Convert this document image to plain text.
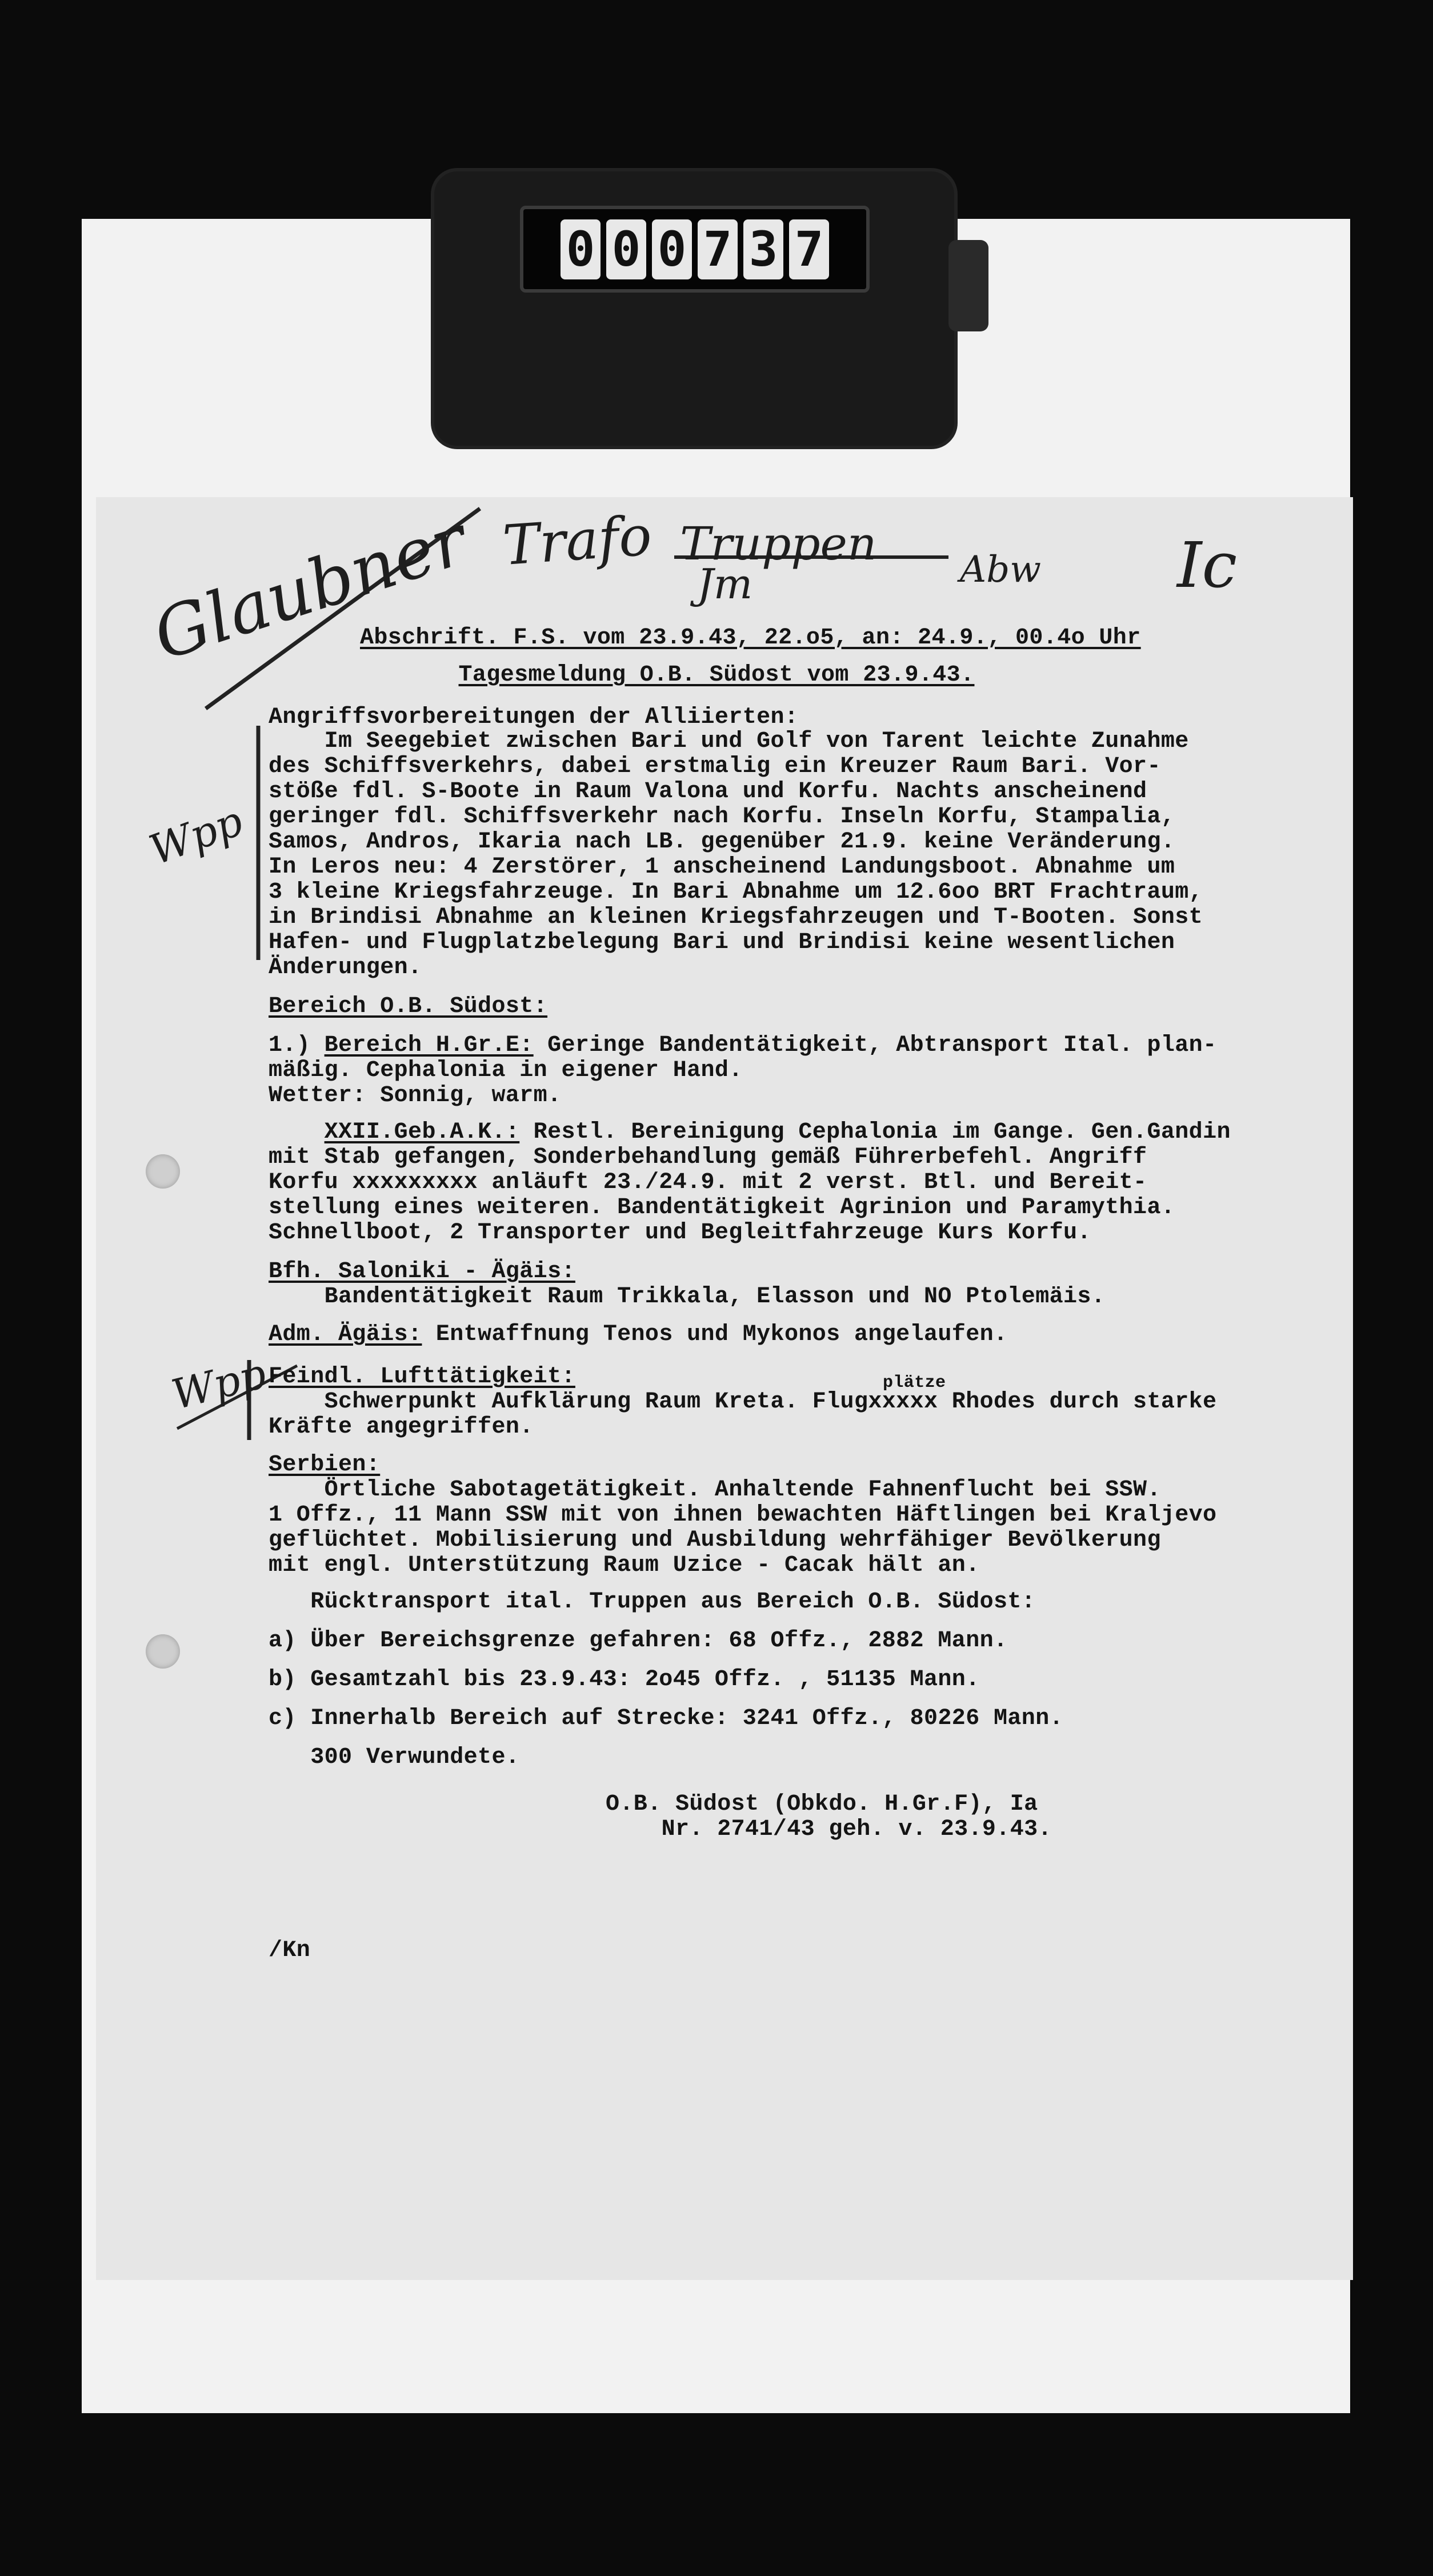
0 0 0 7 3 7
Glaubner Trafo Truppen
Jm	Abw Ic
Wpp
Wpp
Abschrift. F.S. vom 23.9.43, 22.o5, an: 24.9., 00.4o Uhr
Tagesmeldung O.B. Südost vom 23.9.43.
Angriffsvorbereitungen der Alliierten:
Im Seegebiet zwischen Bari und Golf von Tarent leichte Zunahme
des Schiffsverkehrs, dabei erstmalig ein Kreuzer Raum Bari. Vor-
stöße fdl. S-Boote in Raum Valona und Korfu. Nachts anscheinend
geringer fdl. Schiffsverkehr nach Korfu. Inseln Korfu, Stampalia,
Samos, Andros, Ikaria nach LB. gegenüber 21.9. keine Veränderung.
In Leros neu: 4 Zerstörer, 1 anscheinend Landungsboot. Abnahme um
3 kleine Kriegsfahrzeuge. In Bari Abnahme um 12.6oo BRT Frachtraum,
in Brindisi Abnahme an kleinen Kriegsfahrzeugen und T-Booten. Sonst
Hafen- und Flugplatzbelegung Bari und Brindisi keine wesentlichen
Änderungen.
Bereich O.B. Südost:
1.) Bereich H.Gr.E: Geringe Bandentätigkeit, Abtransport Ital. plan-
mäßig. Cephalonia in eigener Hand.
Wetter: Sonnig, warm.
XXII.Geb.A.K.: Restl. Bereinigung Cephalonia im Gange. Gen.Gandin
mit Stab gefangen, Sonderbehandlung gemäß Führerbefehl. Angriff
Korfu xxxxxxxxx anläuft 23./24.9. mit 2 verst. Btl. und Bereit-
stellung eines weiteren. Bandentätigkeit Agrinion und Paramythia.
Schnellboot, 2 Transporter und Begleitfahrzeuge Kurs Korfu.
Bfh. Saloniki - Ägäis:
Bandentätigkeit Raum Trikkala, Elasson und NO Ptolemäis.
Adm. Ägäis: Entwaffnung Tenos und Mykonos angelaufen.
Feindl. Lufttätigkeit:	plätze
Schwerpunkt Aufklärung Raum Kreta. Flugxxxxx Rhodes durch starke
Kräfte angegriffen.
Serbien:
Örtliche Sabotagetätigkeit. Anhaltende Fahnenflucht bei SSW.
1 Offz., 11 Mann SSW mit von ihnen bewachten Häftlingen bei Kraljevo
geflüchtet. Mobilisierung und Ausbildung wehrfähiger Bevölkerung
mit engl. Unterstützung Raum Uzice - Cacak hält an.
Rücktransport ital. Truppen aus Bereich O.B. Südost:
a) Über Bereichsgrenze gefahren: 68 Offz., 2882 Mann.
b) Gesamtzahl bis 23.9.43: 2o45 Offz. , 51135 Mann.
c) Innerhalb Bereich auf Strecke: 3241 Offz., 80226 Mann.
300 Verwundete.
O.B. Südost (Obkdo. H.Gr.F), Ia
Nr. 2741/43 geh. v. 23.9.43.
/Kn
